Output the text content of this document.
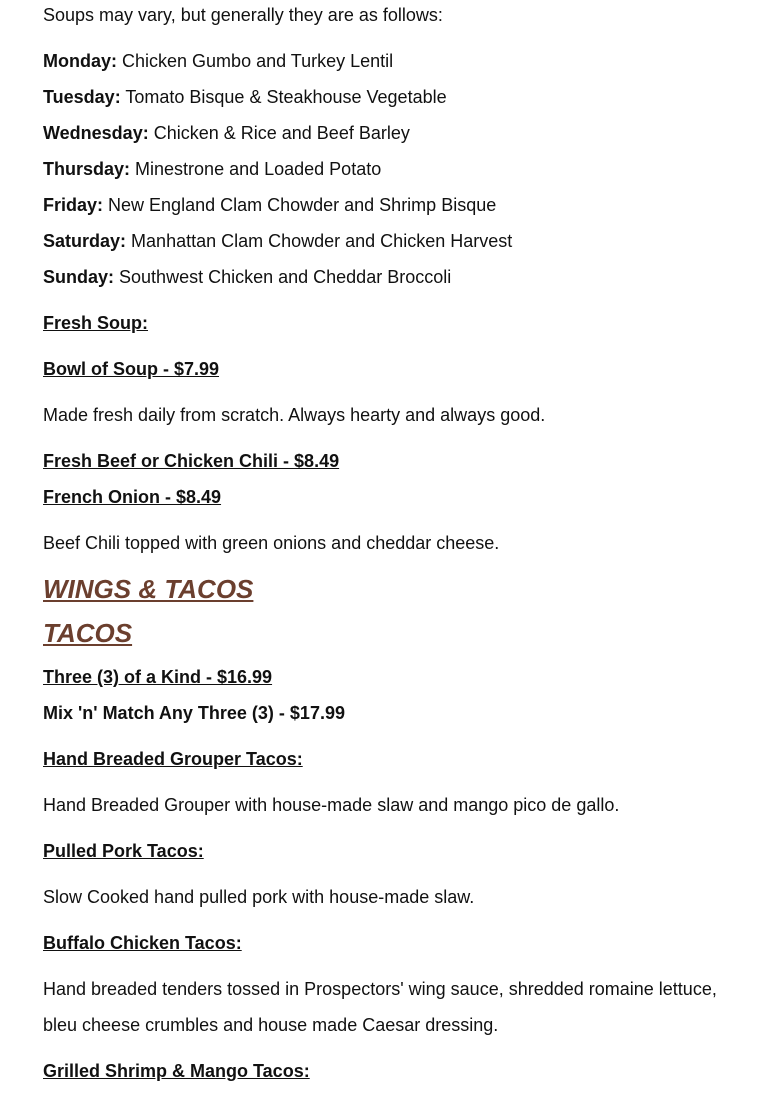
Soups may vary, but generally they are as follows:
Monday: Chicken Gumbo and Turkey Lentil
Tuesday: Tomato Bisque & Steakhouse Vegetable
Wednesday: Chicken & Rice and Beef Barley
Thursday: Minestrone and Loaded Potato
Friday: New England Clam Chowder and Shrimp Bisque
Saturday: Manhattan Clam Chowder and Chicken Harvest
Sunday: Southwest Chicken and Cheddar Broccoli
Fresh Soup:
Bowl of Soup - $7.99
Made fresh daily from scratch. Always hearty and always good.
Fresh Beef or Chicken Chili - $8.49
French Onion - $8.49
Beef Chili topped with green onions and cheddar cheese.
WINGS & TACOS
TACOS
Three (3) of a Kind - $16.99
Mix 'n' Match Any Three (3) - $17.99
Hand Breaded Grouper Tacos:
Hand Breaded Grouper with house-made slaw and mango pico de gallo.
Pulled Pork Tacos:
Slow Cooked hand pulled pork with house-made slaw.
Buffalo Chicken Tacos:
Hand breaded tenders tossed in Prospectors' wing sauce, shredded romaine lettuce,
bleu cheese crumbles and house made Caesar dressing.
Grilled Shrimp & Mango Tacos:
